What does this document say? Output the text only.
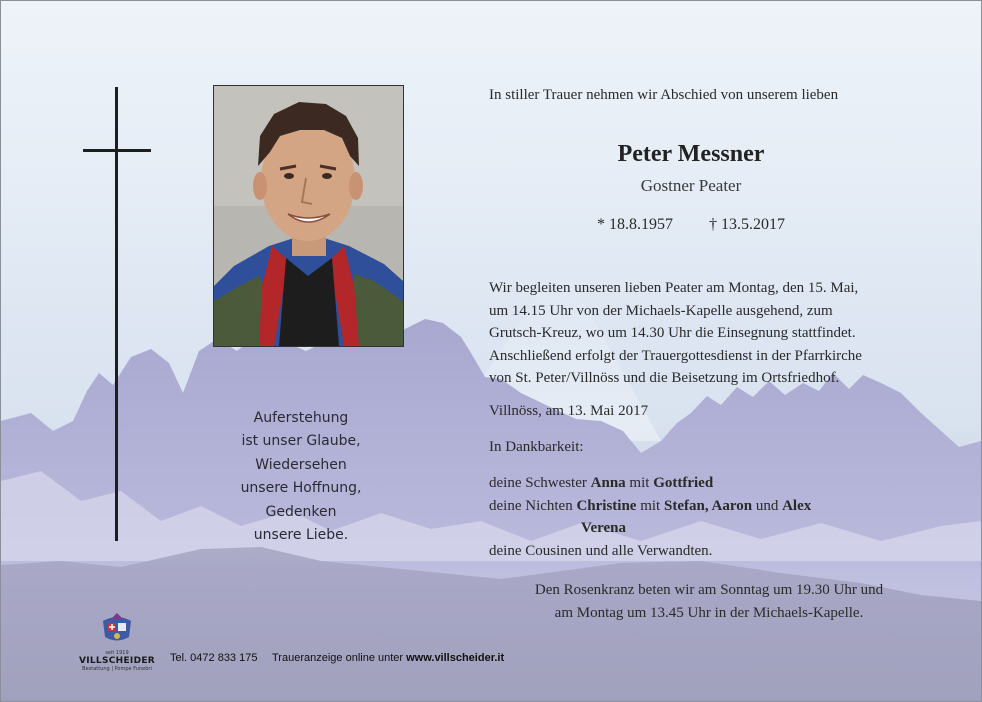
Auferstehung
ist unser Glaube,
Wiedersehen
unsere Hoffnung,
Gedenken
unsere Liebe.
In stiller Trauer nehmen wir Abschied von unserem lieben
Peter Messner
Gostner Peater
* 18.8.1957 † 13.5.2017
Wir begleiten unseren lieben Peater am Montag, den 15. Mai,
um 14.15 Uhr von der Michaels-Kapelle ausgehend, zum
Grutsch-Kreuz, wo um 14.30 Uhr die Einsegnung stattfindet.
Anschließend erfolgt der Trauergottesdienst in der Pfarrkirche
von St. Peter/Villnöss und die Beisetzung im Ortsfriedhof.
Villnöss, am 13. Mai 2017
In Dankbarkeit:
deine Schwester Anna mit Gottfried
deine Nichten Christine mit Stefan, Aaron und Alex
Verena
deine Cousinen und alle Verwandten.
Den Rosenkranz beten wir am Sonntag um 19.30 Uhr und
am Montag um 13.45 Uhr in der Michaels-Kapelle.
seit 1919
VILLSCHEIDER
Bestattung | Pompe Funebri
Tel. 0472 833 175 Traueranzeige online unter www.villscheider.it
